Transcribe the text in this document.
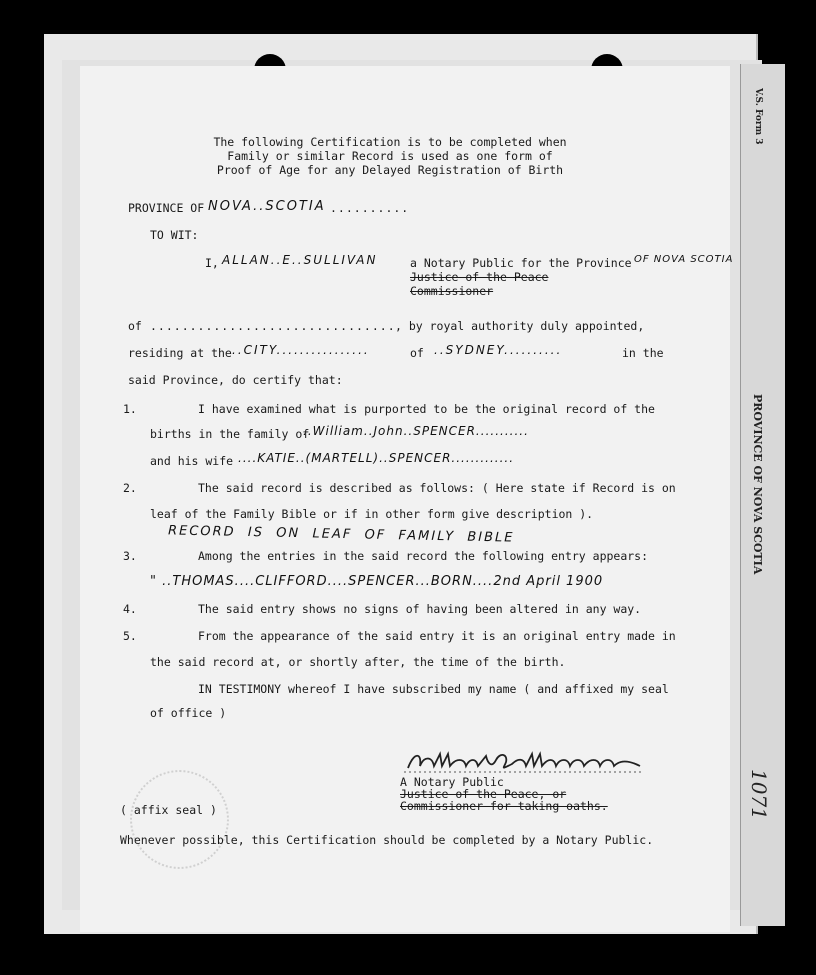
V.S. Form 3
PROVINCE OF NOVA SCOTIA
1071
The following Certification is to be completed when
Family or similar Record is used as one form of
Proof of Age for any Delayed Registration of Birth
PROVINCE OF NOVA..SCOTIA ..........
TO WIT:
I, ALLAN..E..SULLIVAN	a Notary Public for the Province OF NOVA SCOTIA
Justice of the Peace
Commissioner
of ............................... , by royal authority duly appointed,
residing at the ..CITY................	of ..SYDNEY..........	in the
said Province, do certify that:
1.	I have examined what is purported to be the original record of the
births in the family of
..William..John..SPENCER...........
and his wife ....KATIE..(MARTELL)..SPENCER.............
2.	The said record is described as follows: ( Here state if Record is on
leaf of the Family Bible or if in other form give description ).
RECORD  IS  ON  LEAF  OF  FAMILY  BIBLE
3.	Among the entries in the said record the following entry appears:
" ..THOMAS....CLIFFORD....SPENCER...BORN....2nd April 1900
4.	The said entry shows no signs of having been altered in any way.
5.	From the appearance of the said entry it is an original entry made in
the said record at, or shortly after, the time of the birth.
IN TESTIMONY whereof I have subscribed my name ( and affixed my seal
of office )
A Notary Public
Justice of the Peace, or
Commissioner for taking oaths.
( affix seal )
Whenever possible, this Certification should be completed by a Notary Public.
